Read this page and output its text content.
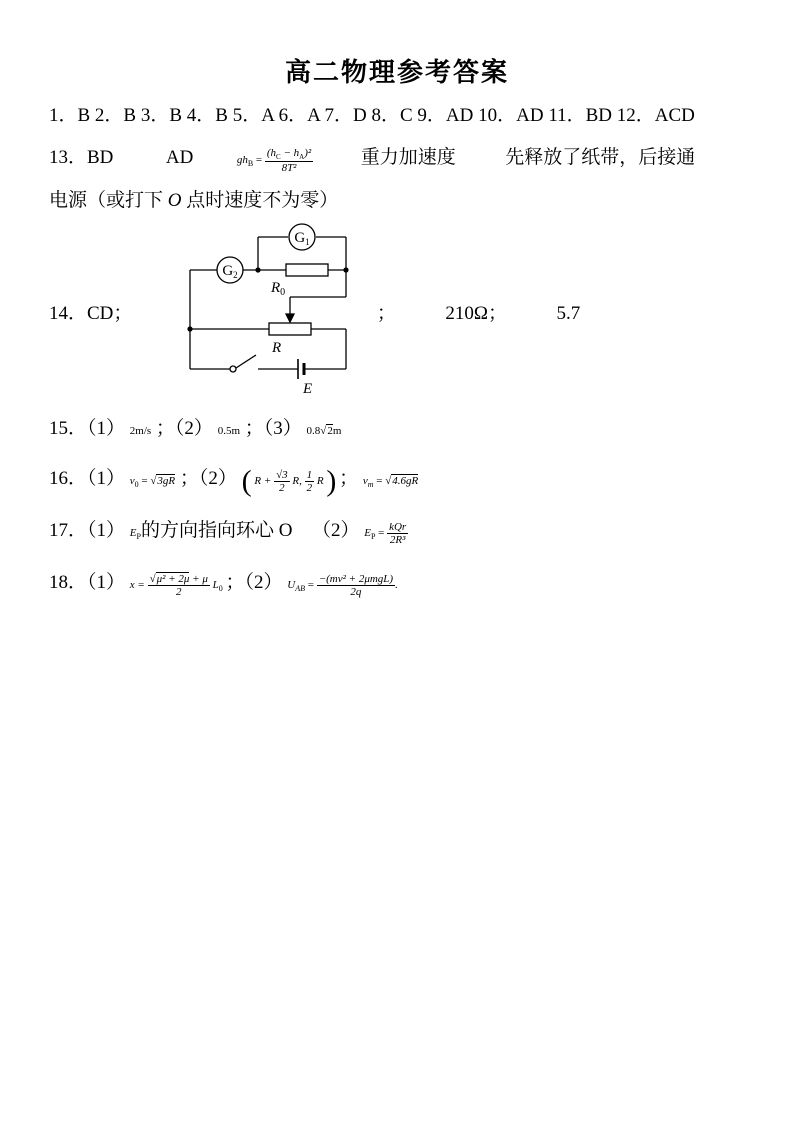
高二物理参考答案
1．B 2．B 3．B 4．B 5．A 6．A 7．D 8．C 9．AD 10．AD 11．BD 12．ACD
13．BD	AD	$gh_B = \frac{(h_C - h_A)^2}{\text{8T²}}$	重力加速度	先释放了纸带，后接通
电源（或打下 O 点时速度不为零）
14．CD；	；	210Ω；	5.7
$G_1$
$G_2$
$R_0$
R
E
15．（1） 2m/s ；（2） 0.5m ；（3） 0.8√2m
16．（1） $v_0 = √3gR$ ；（2） ( $R + \frac{√3}{2} R$, $\frac{1}{2}$ R ) ； $v_m = √4.6gR$
17．（1） $E_P$的方向指向环心 O （2） $E_P = \frac{\text{kQr}}{\text{2R³}}$
18．（1） $x = \frac{\text{√μ² + 2μ + μ}}{2} L_0$ ；（2） $U_{AB} = \frac{\text{−(mv² + 2μmgL)}}{2q}$ .
